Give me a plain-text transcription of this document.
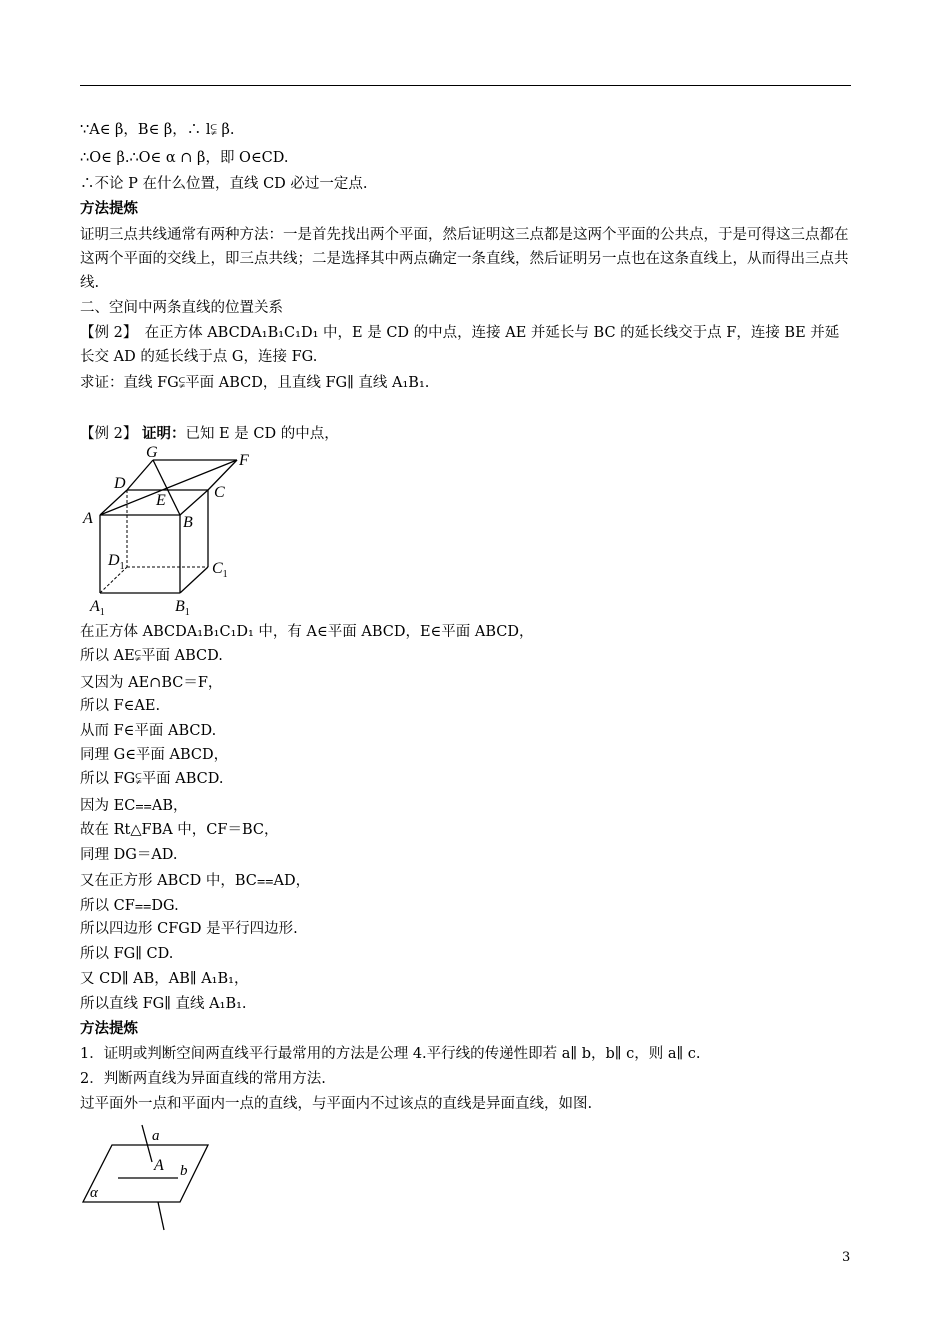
∵A∈ β，B∈ β，∴ l⫋ β.
∴O∈ β.∴O∈ α ∩ β，即 O∈CD.
∴不论 P 在什么位置，直线 CD 必过一定点.
方法提炼
证明三点共线通常有两种方法：一是首先找出两个平面，然后证明这三点都是这两个平面的公共点，于是可得这三点都在这两个平面的交线上，即三点共线；二是选择其中两点确定一条直线，然后证明另一点也在这条直线上，从而得出三点共线.
二、空间中两条直线的位置关系
【例 2】　在正方体 ABCDA₁B₁C₁D₁ 中，E 是 CD 的中点，连接 AE 并延长与 BC 的延长线交于点 F，连接 BE 并延长交 AD 的延长线于点 G，连接 FG.
求证：直线 FG⫋平面 ABCD，且直线 FG∥ 直线 A₁B₁.
【例 2】 证明：已知 E 是 CD 的中点，
G	F
D
C
E
A	B
$D_1$	$C_1$
$A_1$	$B_1$
在正方体 ABCDA₁B₁C₁D₁ 中，有 A∈平面 ABCD，E∈平面 ABCD，
所以 AE⫋平面 ABCD.
又因为 AE∩BC＝F，
所以 F∈AE.
从而 F∈平面 ABCD.
同理 G∈平面 ABCD，
所以 FG⫋平面 ABCD.
因为 EC⩵AB，
故在 Rt△FBA 中，CF＝BC，
同理 DG＝AD.
又在正方形 ABCD 中，BC⩵AD，
所以 CF⩵DG.
所以四边形 CFGD 是平行四边形.
所以 FG∥ CD.
又 CD∥ AB，AB∥ A₁B₁，
所以直线 FG∥ 直线 A₁B₁.
方法提炼
1．证明或判断空间两直线平行最常用的方法是公理 4.平行线的传递性即若 a∥ b，b∥ c，则 a∥ c.
2．判断两直线为异面直线的常用方法.
过平面外一点和平面内一点的直线，与平面内不过该点的直线是异面直线，如图.
a
A b
α
3
